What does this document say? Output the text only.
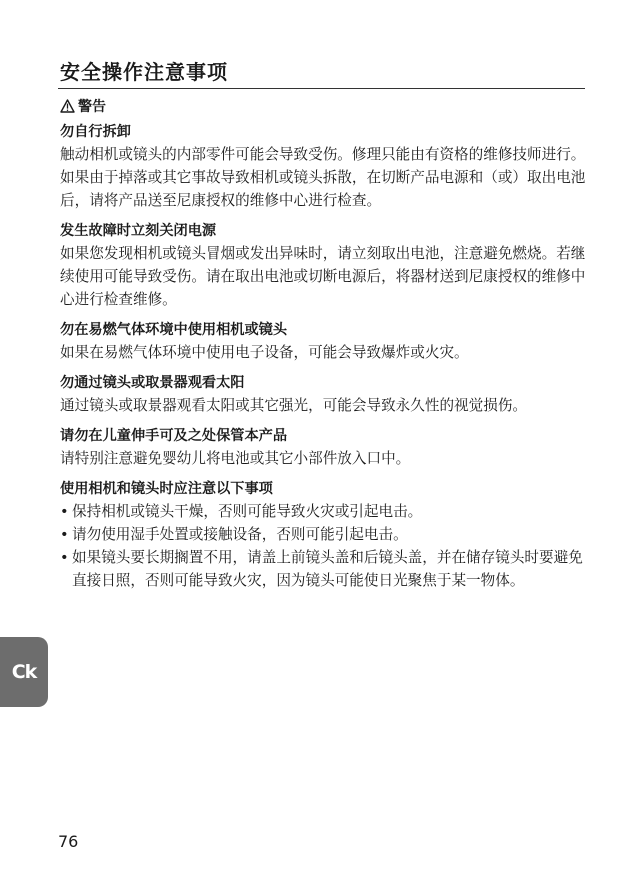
安全操作注意事项
警告
勿自行拆卸
触动相机或镜头的内部零件可能会导致受伤。修理只能由有资格的维修技师进行。如果由于掉落或其它事故导致相机或镜头拆散，在切断产品电源和（或）取出电池后，请将产品送至尼康授权的维修中心进行检查。
发生故障时立刻关闭电源
如果您发现相机或镜头冒烟或发出异味时，请立刻取出电池，注意避免燃烧。若继续使用可能导致受伤。请在取出电池或切断电源后，将器材送到尼康授权的维修中心进行检查维修。
勿在易燃气体环境中使用相机或镜头
如果在易燃气体环境中使用电子设备，可能会导致爆炸或火灾。
勿通过镜头或取景器观看太阳
通过镜头或取景器观看太阳或其它强光，可能会导致永久性的视觉损伤。
请勿在儿童伸手可及之处保管本产品
请特别注意避免婴幼儿将电池或其它小部件放入口中。
使用相机和镜头时应注意以下事项
• 保持相机或镜头干燥，否则可能导致火灾或引起电击。
• 请勿使用湿手处置或接触设备，否则可能引起电击。
• 如果镜头要长期搁置不用，请盖上前镜头盖和后镜头盖，并在储存镜头时要避免直接日照，否则可能导致火灾，因为镜头可能使日光聚焦于某一物体。
Ck
76
